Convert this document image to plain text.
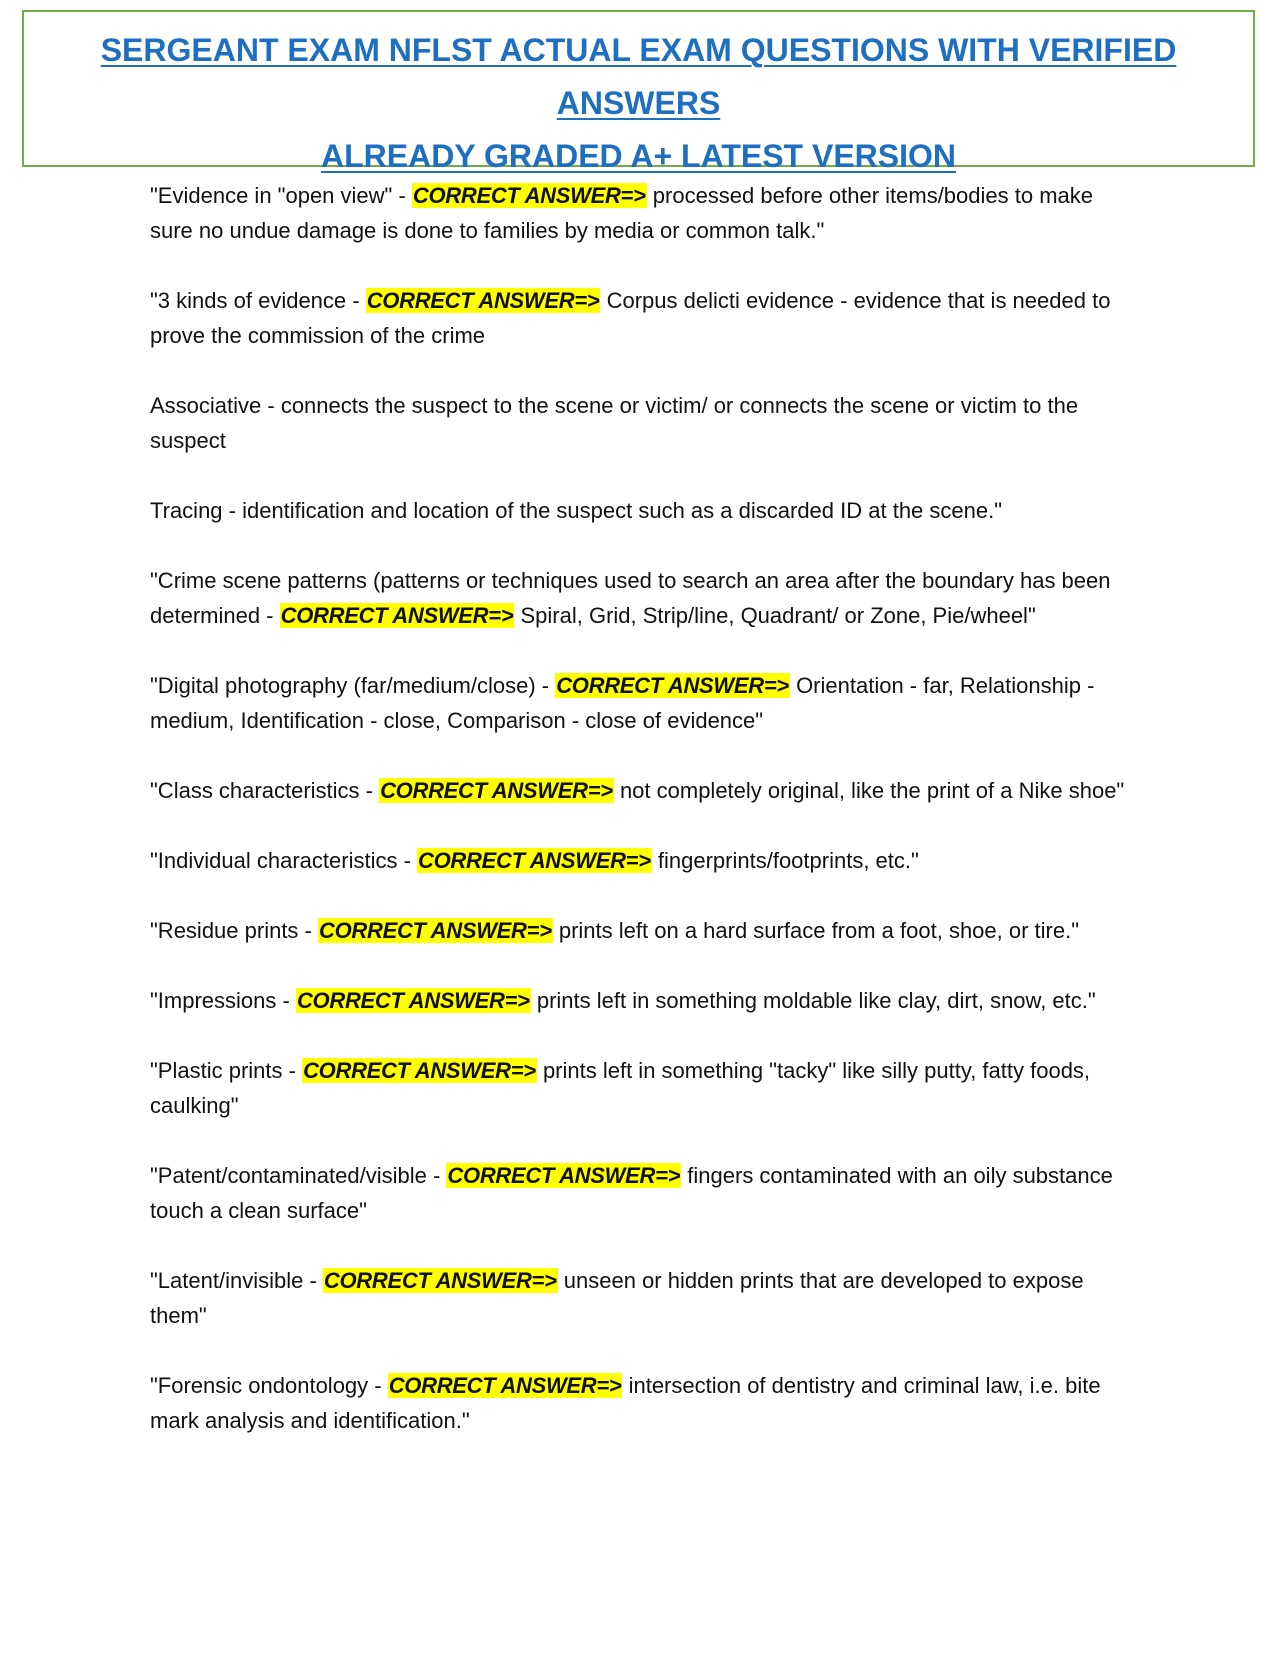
SERGEANT EXAM NFLST ACTUAL EXAM QUESTIONS WITH VERIFIED ANSWERS
ALREADY GRADED A+ LATEST VERSION

"Evidence in "open view" - CORRECT ANSWER=> processed before other items/bodies to make sure no undue damage is done to families by media or common talk."

"3 kinds of evidence - CORRECT ANSWER=> Corpus delicti evidence - evidence that is needed to prove the commission of the crime

Associative - connects the suspect to the scene or victim/ or connects the scene or victim to the suspect

Tracing - identification and location of the suspect such as a discarded ID at the scene."

"Crime scene patterns (patterns or techniques used to search an area after the boundary has been determined - CORRECT ANSWER=> Spiral, Grid, Strip/line, Quadrant/ or Zone, Pie/wheel"

"Digital photography (far/medium/close) - CORRECT ANSWER=> Orientation - far, Relationship - medium, Identification - close, Comparison - close of evidence"

"Class characteristics - CORRECT ANSWER=> not completely original, like the print of a Nike shoe"

"Individual characteristics - CORRECT ANSWER=> fingerprints/footprints, etc."

"Residue prints - CORRECT ANSWER=> prints left on a hard surface from a foot, shoe, or tire."

"Impressions - CORRECT ANSWER=> prints left in something moldable like clay, dirt, snow, etc."

"Plastic prints - CORRECT ANSWER=> prints left in something "tacky" like silly putty, fatty foods, caulking"

"Patent/contaminated/visible - CORRECT ANSWER=> fingers contaminated with an oily substance touch a clean surface"

"Latent/invisible - CORRECT ANSWER=> unseen or hidden prints that are developed to expose them"

"Forensic ondontology - CORRECT ANSWER=> intersection of dentistry and criminal law, i.e. bite mark analysis and identification."
